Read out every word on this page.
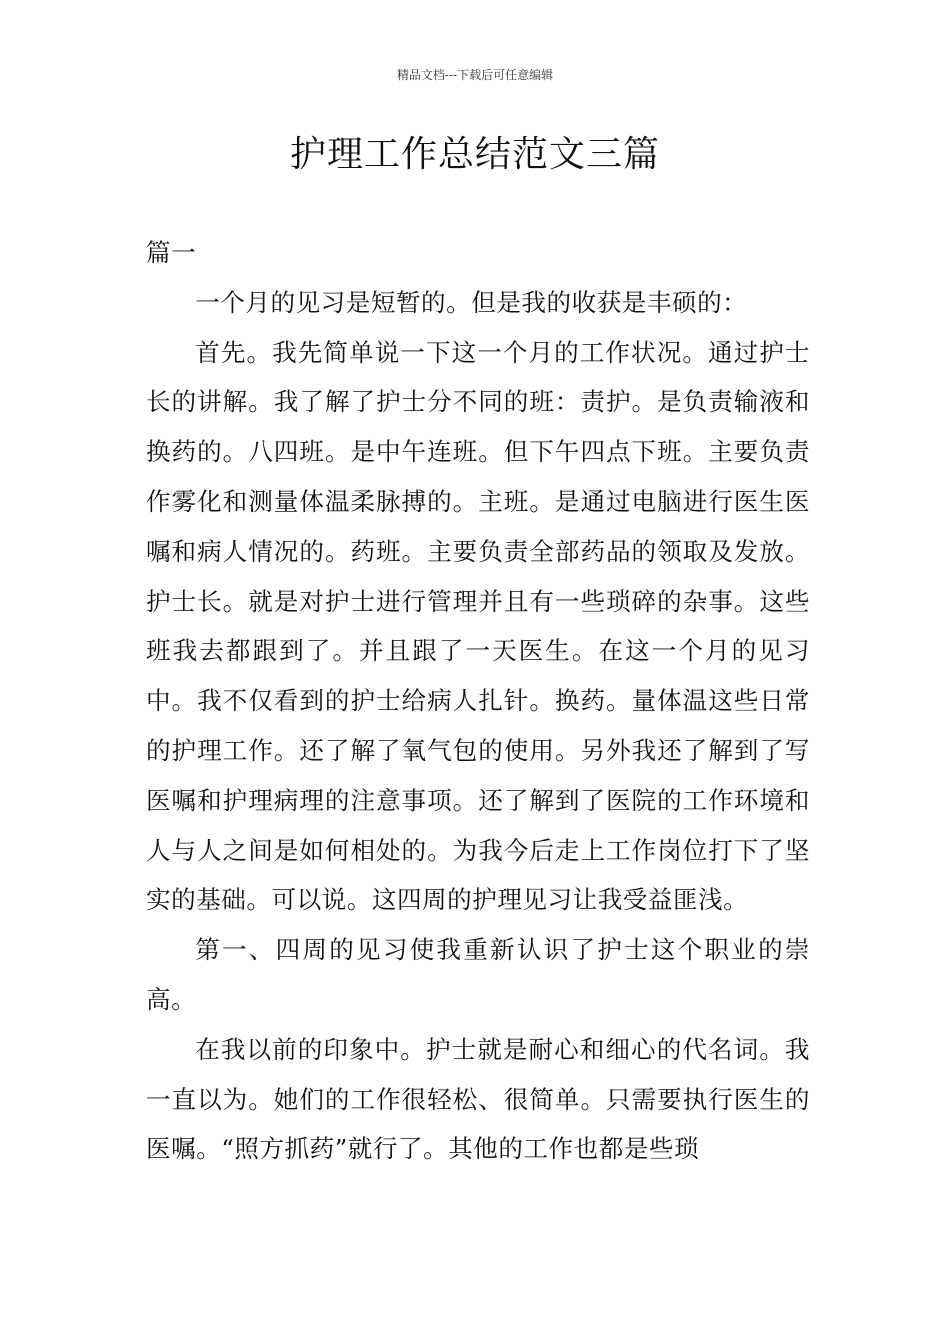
精品文档---下载后可任意编辑
护理工作总结范文三篇

篇一

一个月的见习是短暂的。但是我的收获是丰硕的：

首先。我先简单说一下这一个月的工作状况。通过护士长的讲解。我了解了护士分不同的班：责护。是负责输液和换药的。八四班。是中午连班。但下午四点下班。主要负责作雾化和测量体温柔脉搏的。主班。是通过电脑进行医生医嘱和病人情况的。药班。主要负责全部药品的领取及发放。护士长。就是对护士进行管理并且有一些琐碎的杂事。这些班我去都跟到了。并且跟了一天医生。在这一个月的见习中。我不仅看到的护士给病人扎针。换药。量体温这些日常的护理工作。还了解了氧气包的使用。另外我还了解到了写医嘱和护理病理的注意事项。还了解到了医院的工作环境和人与人之间是如何相处的。为我今后走上工作岗位打下了坚实的基础。可以说。这四周的护理见习让我受益匪浅。

第一、四周的见习使我重新认识了护士这个职业的崇高。

在我以前的印象中。护士就是耐心和细心的代名词。我一直以为。她们的工作很轻松、很简单。只需要执行医生的医嘱。“照方抓药”就行了。其他的工作也都是些琐
